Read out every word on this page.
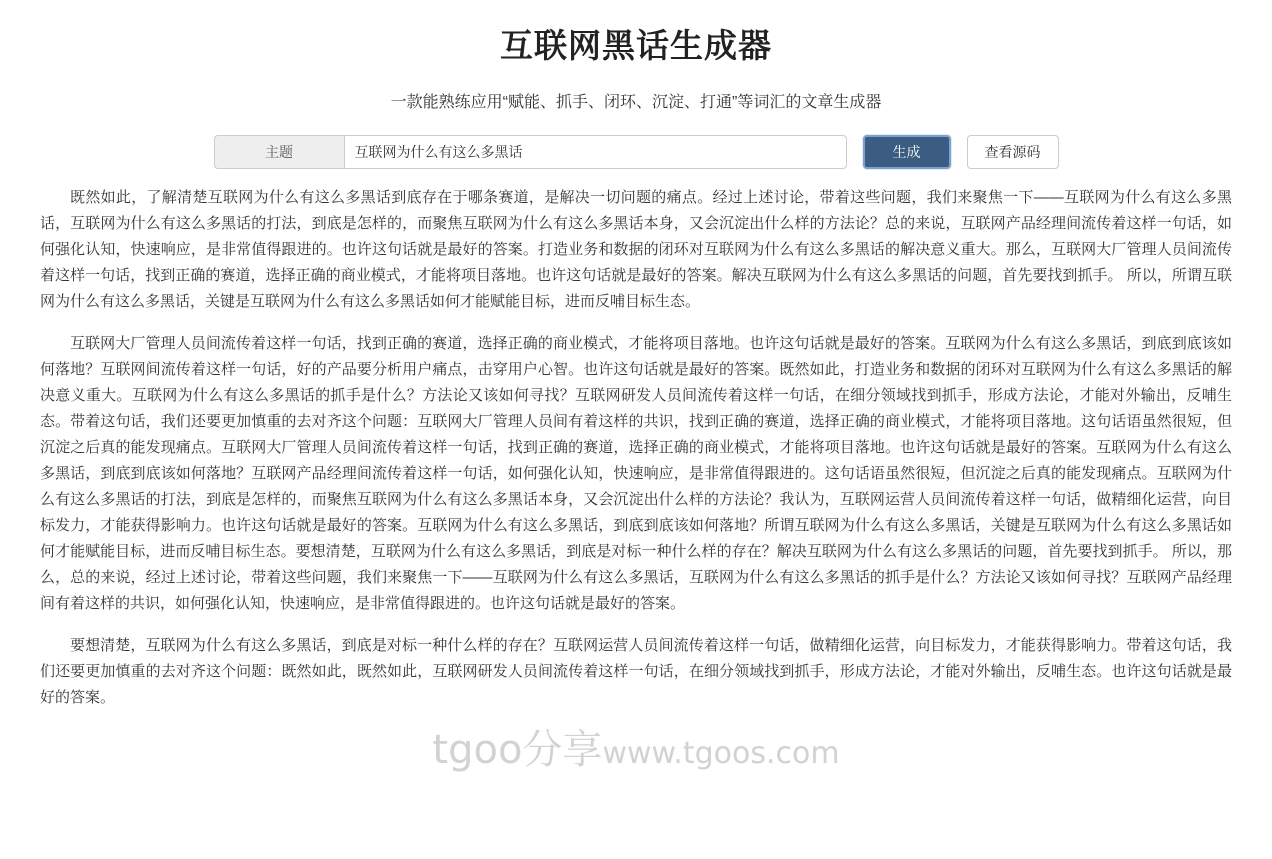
互联网黑话生成器
一款能熟练应用“赋能、抓手、闭环、沉淀、打通”等词汇的文章生成器
主题
互联网为什么有这么多黑话	生成	查看源码

既然如此，了解清楚互联网为什么有这么多黑话到底存在于哪条赛道，是解决一切问题的痛点。经过上述讨论，带着这些问题，我们来聚焦一下——互联网为什么有这么多黑话，互联网为什么有这么多黑话的打法，到底是怎样的，而聚焦互联网为什么有这么多黑话本身，又会沉淀出什么样的方法论？总的来说，互联网产品经理间流传着这样一句话，如何强化认知，快速响应，是非常值得跟进的。也许这句话就是最好的答案。打造业务和数据的闭环对互联网为什么有这么多黑话的解决意义重大。那么，互联网大厂管理人员间流传着这样一句话，找到正确的赛道，选择正确的商业模式，才能将项目落地。也许这句话就是最好的答案。解决互联网为什么有这么多黑话的问题，首先要找到抓手。 所以，所谓互联网为什么有这么多黑话，关键是互联网为什么有这么多黑话如何才能赋能目标，进而反哺目标生态。

互联网大厂管理人员间流传着这样一句话，找到正确的赛道，选择正确的商业模式，才能将项目落地。也许这句话就是最好的答案。互联网为什么有这么多黑话，到底到底该如何落地？互联网间流传着这样一句话，好的产品要分析用户痛点，击穿用户心智。也许这句话就是最好的答案。既然如此，打造业务和数据的闭环对互联网为什么有这么多黑话的解决意义重大。互联网为什么有这么多黑话的抓手是什么？方法论又该如何寻找？互联网研发人员间流传着这样一句话，在细分领域找到抓手，形成方法论，才能对外输出，反哺生态。带着这句话，我们还要更加慎重的去对齐这个问题：互联网大厂管理人员间有着这样的共识，找到正确的赛道，选择正确的商业模式，才能将项目落地。这句话语虽然很短，但沉淀之后真的能发现痛点。互联网大厂管理人员间流传着这样一句话，找到正确的赛道，选择正确的商业模式，才能将项目落地。也许这句话就是最好的答案。互联网为什么有这么多黑话，到底到底该如何落地？互联网产品经理间流传着这样一句话，如何强化认知，快速响应，是非常值得跟进的。这句话语虽然很短，但沉淀之后真的能发现痛点。互联网为什么有这么多黑话的打法，到底是怎样的，而聚焦互联网为什么有这么多黑话本身，又会沉淀出什么样的方法论？我认为，互联网运营人员间流传着这样一句话，做精细化运营，向目标发力，才能获得影响力。也许这句话就是最好的答案。互联网为什么有这么多黑话，到底到底该如何落地？所谓互联网为什么有这么多黑话，关键是互联网为什么有这么多黑话如何才能赋能目标，进而反哺目标生态。要想清楚，互联网为什么有这么多黑话，到底是对标一种什么样的存在？解决互联网为什么有这么多黑话的问题，首先要找到抓手。 所以，那么，总的来说，经过上述讨论，带着这些问题，我们来聚焦一下——互联网为什么有这么多黑话，互联网为什么有这么多黑话的抓手是什么？方法论又该如何寻找？互联网产品经理间有着这样的共识，如何强化认知，快速响应，是非常值得跟进的。也许这句话就是最好的答案。

要想清楚，互联网为什么有这么多黑话，到底是对标一种什么样的存在？互联网运营人员间流传着这样一句话，做精细化运营，向目标发力，才能获得影响力。带着这句话，我们还要更加慎重的去对齐这个问题：既然如此，既然如此，互联网研发人员间流传着这样一句话，在细分领域找到抓手，形成方法论，才能对外输出，反哺生态。也许这句话就是最好的答案。

tgoo分享www.tgoos.com
